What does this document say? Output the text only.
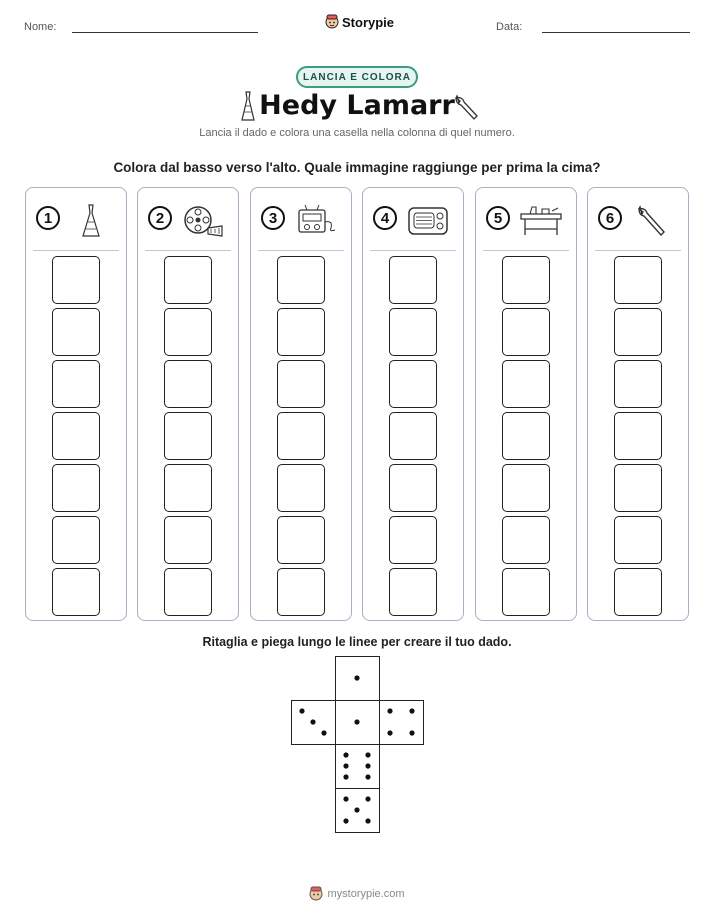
Nome:	Storypie	Data:
LANCIA E COLORA
Hedy Lamarr
Lancia il dado e colora una casella nella colonna di quel numero.
Colora dal basso verso l'alto. Quale immagine raggiunge per prima la cima?
1	2	3	4	5	6
Ritaglia e piega lungo le linee per creare il tuo dado.
mystorypie.com
